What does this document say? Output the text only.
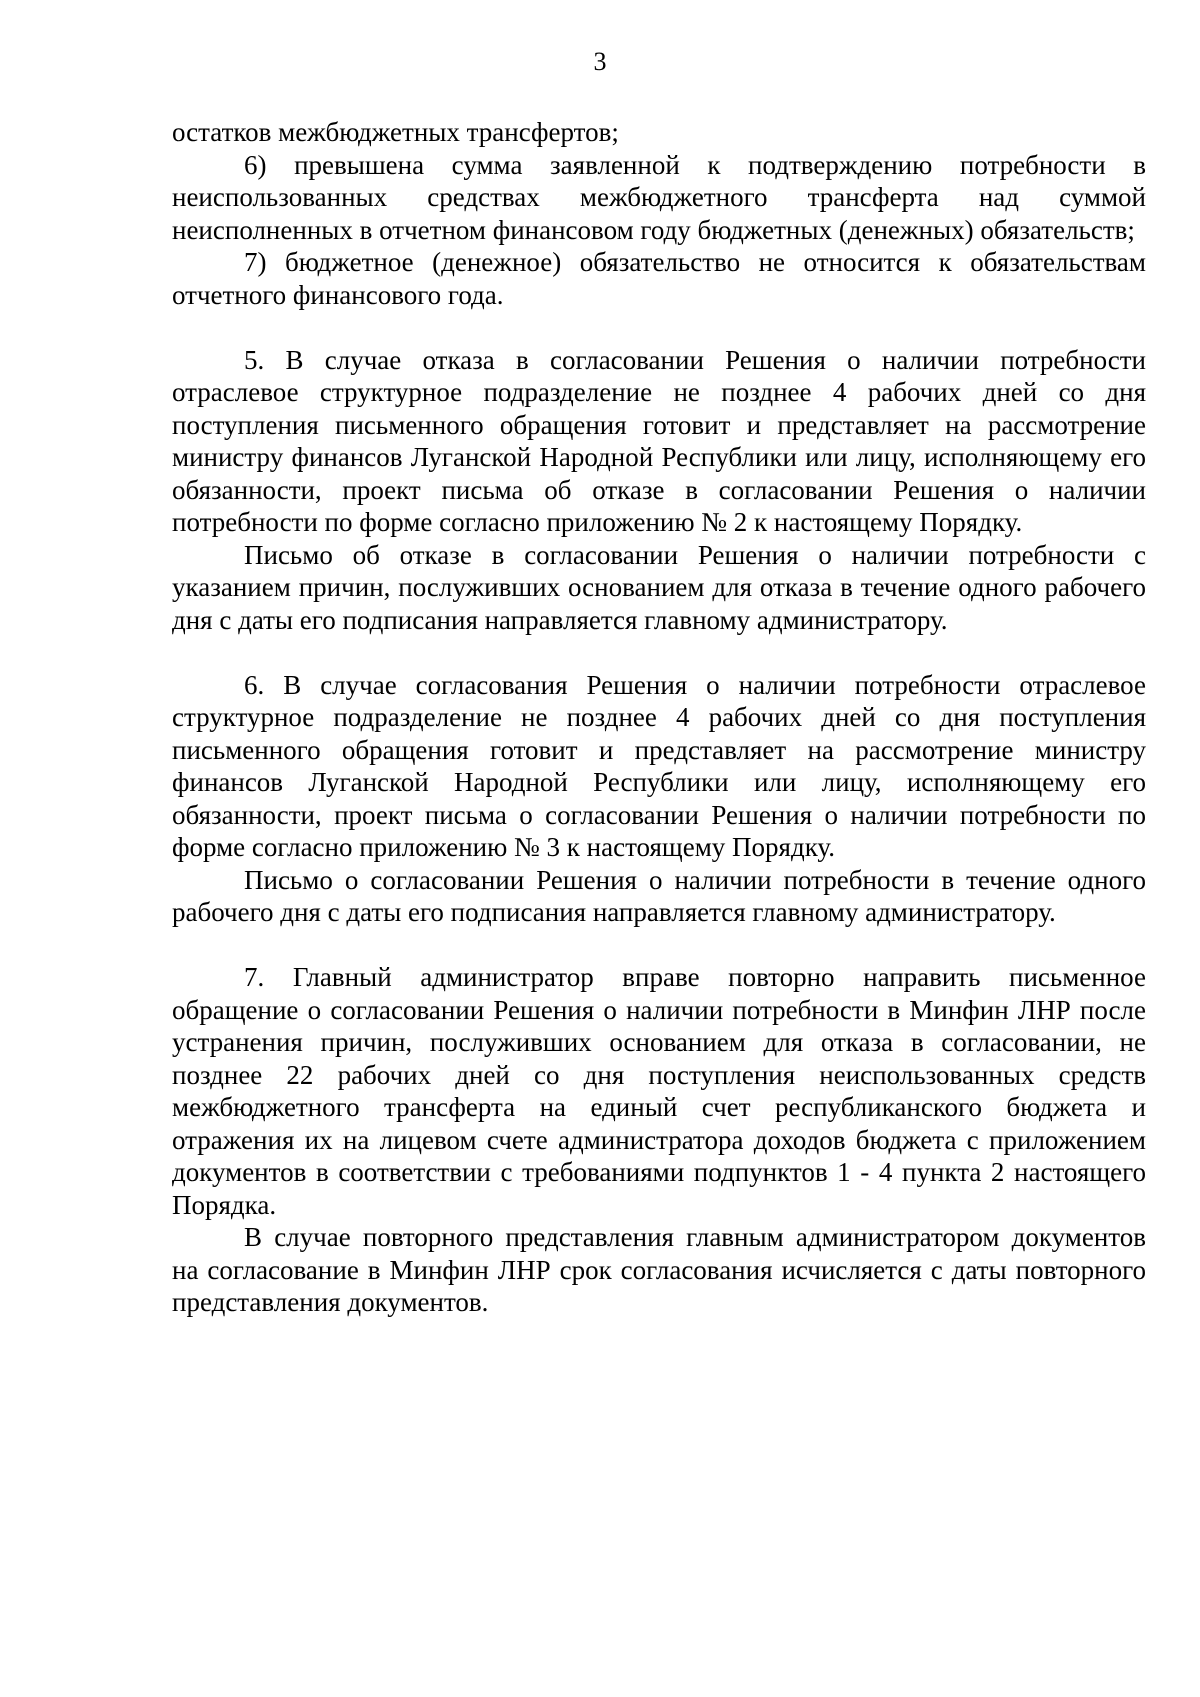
3

остатков межбюджетных трансфертов;

6) превышена сумма заявленной к подтверждению потребности в неиспользованных средствах межбюджетного трансферта над суммой неисполненных в отчетном финансовом году бюджетных (денежных) обязательств;

7) бюджетное (денежное) обязательство не относится к обязательствам отчетного финансового года.

5. В случае отказа в согласовании Решения о наличии потребности отраслевое структурное подразделение не позднее 4 рабочих дней со дня поступления письменного обращения готовит и представляет на рассмотрение министру финансов Луганской Народной Республики или лицу, исполняющему его обязанности, проект письма об отказе в согласовании Решения о наличии потребности по форме согласно приложению № 2 к настоящему Порядку.

Письмо об отказе в согласовании Решения о наличии потребности с указанием причин, послуживших основанием для отказа в течение одного рабочего дня с даты его подписания направляется главному администратору.

6. В случае согласования Решения о наличии потребности отраслевое структурное подразделение не позднее 4 рабочих дней со дня поступления письменного обращения готовит и представляет на рассмотрение министру финансов Луганской Народной Республики или лицу, исполняющему его обязанности, проект письма о согласовании Решения о наличии потребности по форме согласно приложению № 3 к настоящему Порядку.

Письмо о согласовании Решения о наличии потребности в течение одного рабочего дня с даты его подписания направляется главному администратору.

7. Главный администратор вправе повторно направить письменное обращение о согласовании Решения о наличии потребности в Минфин ЛНР после устранения причин, послуживших основанием для отказа в согласовании, не позднее 22 рабочих дней со дня поступления неиспользованных средств межбюджетного трансферта на единый счет республиканского бюджета и отражения их на лицевом счете администратора доходов бюджета с приложением документов в соответствии с требованиями подпунктов 1 - 4 пункта 2 настоящего Порядка.

В случае повторного представления главным администратором документов на согласование в Минфин ЛНР срок согласования исчисляется с даты повторного представления документов.
